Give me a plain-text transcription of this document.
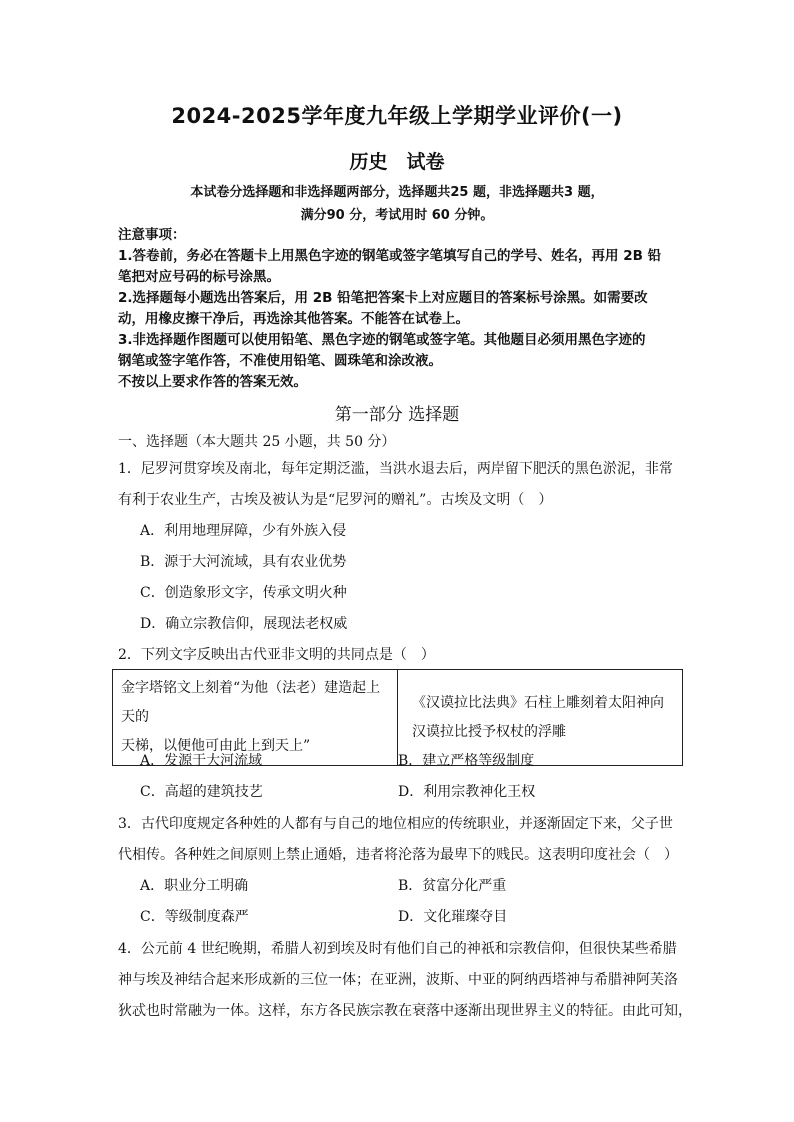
2024-2025学年度九年级上学期学业评价(一)
历史　试卷
本试卷分选择题和非选择题两部分，选择题共25 题，非选择题共3 题，
满分90 分，考试用时 60 分钟。
注意事项：
1.答卷前，务必在答题卡上用黑色字迹的钢笔或签字笔填写自己的学号、姓名，再用 2B 铅
笔把对应号码的标号涂黑。
2.选择题每小题选出答案后，用 2B 铅笔把答案卡上对应题目的答案标号涂黑。如需要改
动，用橡皮擦干净后，再选涂其他答案。不能答在试卷上。
3.非选择题作图题可以使用铅笔、黑色字迹的钢笔或签字笔。其他题目必须用黑色字迹的
钢笔或签字笔作答，不准使用铅笔、圆珠笔和涂改液。
不按以上要求作答的答案无效。
第一部分 选择题
一、选择题（本大题共 25 小题，共 50 分）
1．尼罗河贯穿埃及南北，每年定期泛滥，当洪水退去后，两岸留下肥沃的黑色淤泥，非常
有利于农业生产，古埃及被认为是“尼罗河的赠礼”。古埃及文明（　）
A．利用地理屏障，少有外族入侵
B．源于大河流域，具有农业优势
C．创造象形文字，传承文明火种
D．确立宗教信仰，展现法老权威
2．下列文字反映出古代亚非文明的共同点是（　）
金字塔铭文上刻着“为他（法老）建造起上天的
天梯，以便他可由此上到天上”

《汉谟拉比法典》石柱上雕刻着太阳神向
汉谟拉比授予权杖的浮雕
A．发源于大河流域	B．建立严格等级制度
C．高超的建筑技艺	D．利用宗教神化王权
3．古代印度规定各种姓的人都有与自己的地位相应的传统职业，并逐渐固定下来，父子世
代相传。各种姓之间原则上禁止通婚，违者将沦落为最卑下的贱民。这表明印度社会（　）
A．职业分工明确	B．贫富分化严重
C．等级制度森严	D．文化璀璨夺目
4．公元前 4 世纪晚期，希腊人初到埃及时有他们自己的神祇和宗教信仰，但很快某些希腊
神与埃及神结合起来形成新的三位一体；在亚洲，波斯、中亚的阿纳西塔神与希腊神阿芙洛
狄忒也时常融为一体。这样，东方各民族宗教在衰落中逐渐出现世界主义的特征。由此可知，
